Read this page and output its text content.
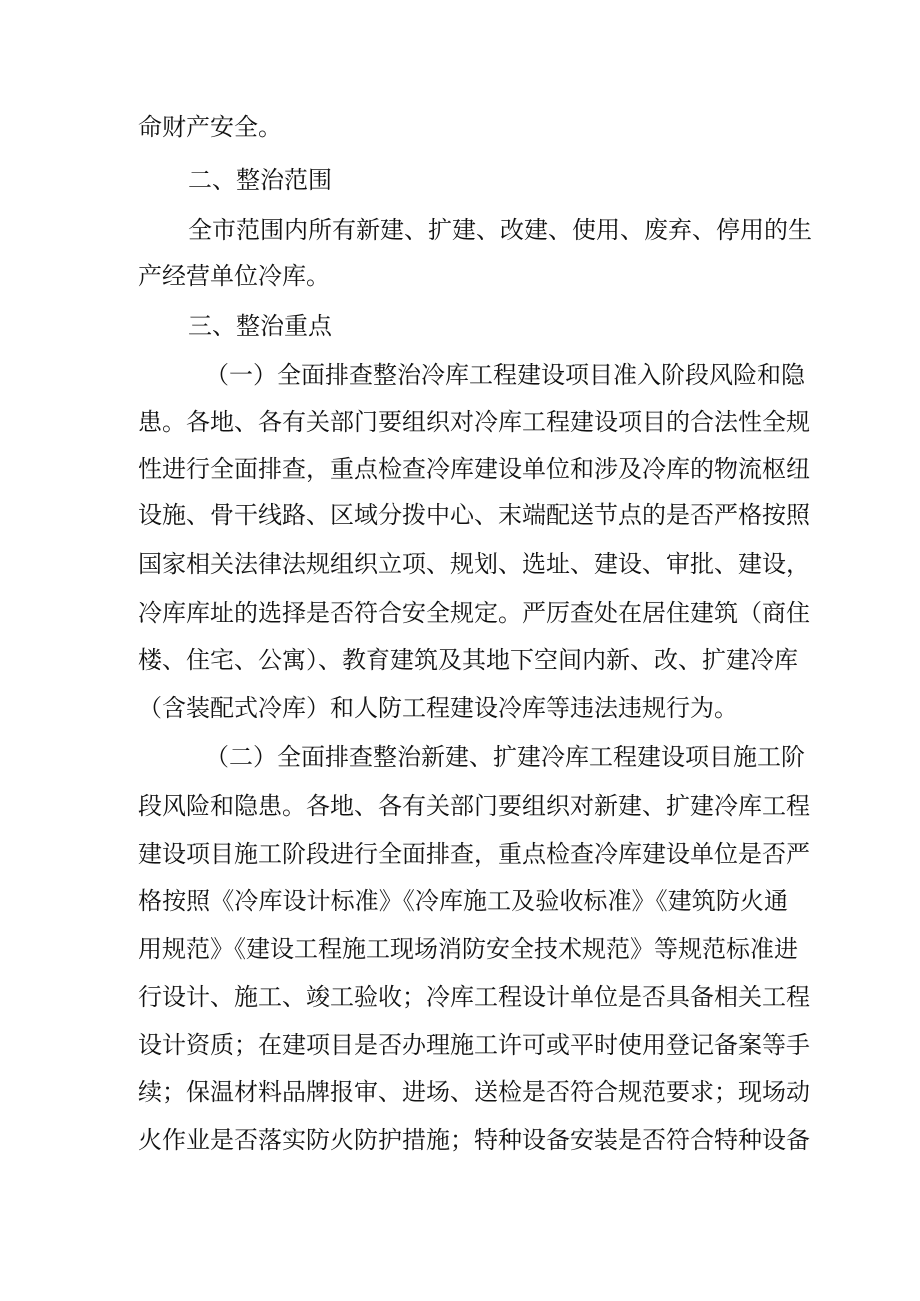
命财产安全。
二、整治范围
全市范围内所有新建、扩建、改建、使用、废弃、停用的生
产经营单位冷库。
三、整治重点
（一）全面排查整治冷库工程建设项目准入阶段风险和隐
患。各地、各有关部门要组织对冷库工程建设项目的合法性全规
性进行全面排查，重点检查冷库建设单位和涉及冷库的物流枢纽
设施、骨干线路、区域分拨中心、末端配送节点的是否严格按照
国家相关法律法规组织立项、规划、选址、建设、审批、建设，
冷库库址的选择是否符合安全规定。严厉查处在居住建筑（商住
楼、住宅、公寓）、教育建筑及其地下空间内新、改、扩建冷库
（含装配式冷库）和人防工程建设冷库等违法违规行为。
（二）全面排查整治新建、扩建冷库工程建设项目施工阶
段风险和隐患。各地、各有关部门要组织对新建、扩建冷库工程
建设项目施工阶段进行全面排查，重点检查冷库建设单位是否严
格按照《冷库设计标准》《冷库施工及验收标准》《建筑防火通
用规范》《建设工程施工现场消防安全技术规范》等规范标准进
行设计、施工、竣工验收；冷库工程设计单位是否具备相关工程
设计资质；在建项目是否办理施工许可或平时使用登记备案等手
续；保温材料品牌报审、进场、送检是否符合规范要求；现场动
火作业是否落实防火防护措施；特种设备安装是否符合特种设备
